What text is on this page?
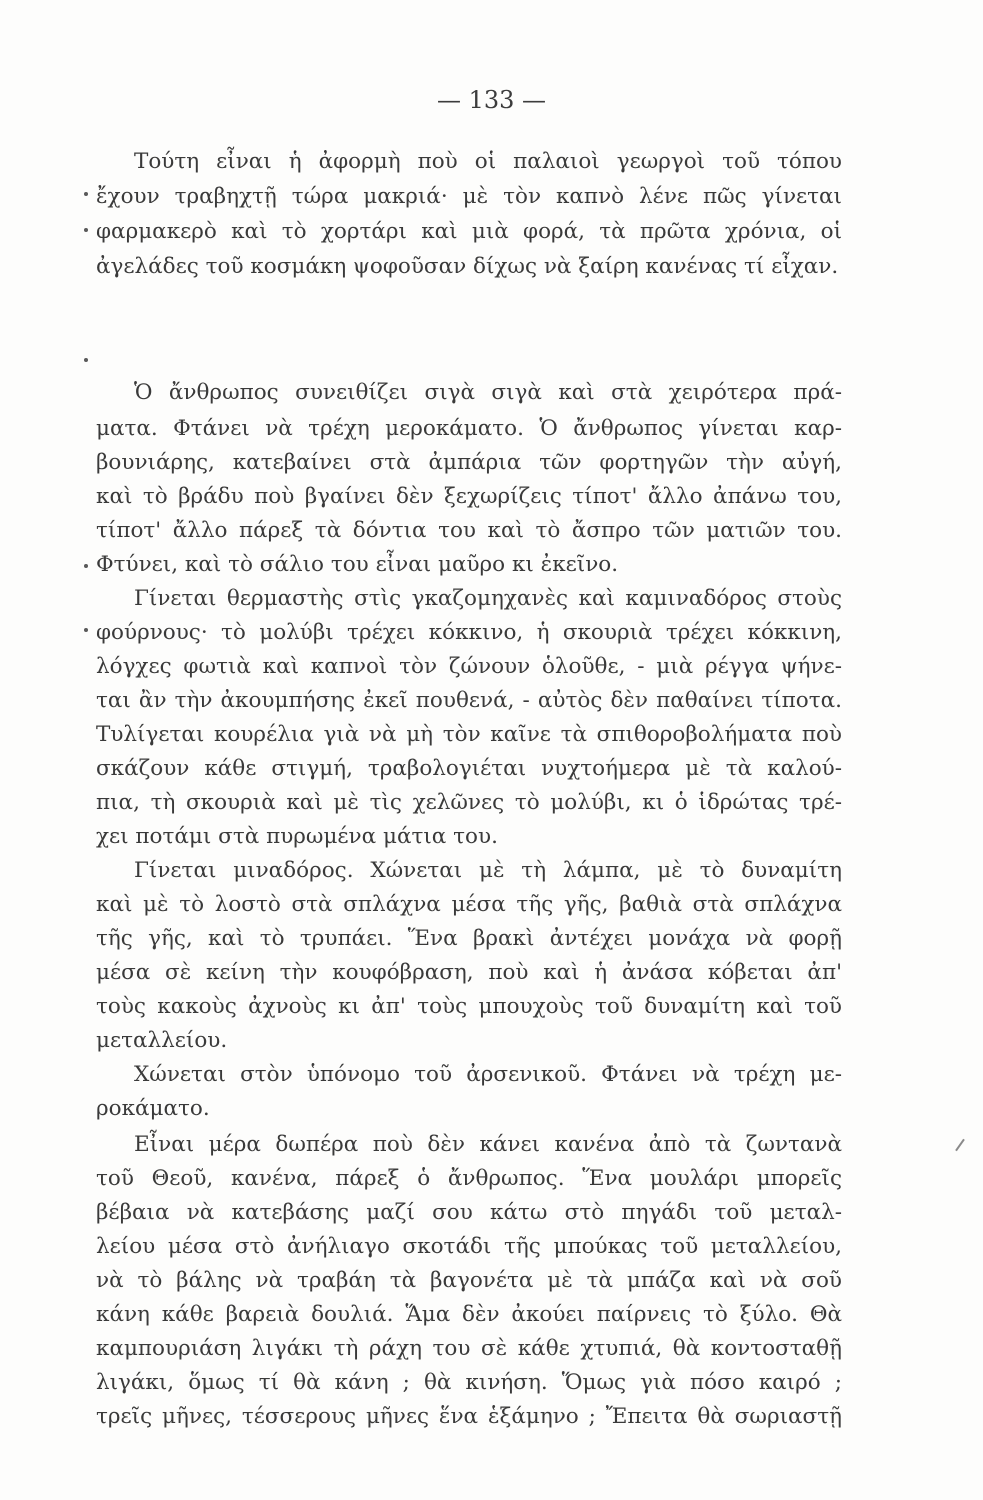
— 133 —
Τούτη εἶναι ἡ ἀφορμὴ ποὺ οἱ παλαιοὶ γεωργοὶ τοῦ τόπου
ἔχουν τραβηχτῇ τώρα μακριά· μὲ τὸν καπνὸ λένε πῶς γίνεται
φαρμακερὸ καὶ τὸ χορτάρι καὶ μιὰ φορά, τὰ πρῶτα χρόνια, οἱ
ἀγελάδες τοῦ κοσμάκη ψοφοῦσαν δίχως νὰ ξαίρη κανένας τί εἶχαν.
Ὁ ἄνθρωπος συνειθίζει σιγὰ σιγὰ καὶ στὰ χειρότερα πρά-
ματα. Φτάνει νὰ τρέχη μεροκάματο. Ὁ ἄνθρωπος γίνεται καρ-
βουνιάρης, κατεβαίνει στὰ ἀμπάρια τῶν φορτηγῶν τὴν αὐγή,
καὶ τὸ βράδυ ποὺ βγαίνει δὲν ξεχωρίζεις τίποτ' ἄλλο ἀπάνω του,
τίποτ' ἄλλο πάρεξ τὰ δόντια του καὶ τὸ ἄσπρο τῶν ματιῶν του.
Φτύνει, καὶ τὸ σάλιο του εἶναι μαῦρο κι ἐκεῖνο.
Γίνεται θερμαστὴς στὶς γκαζομηχανὲς καὶ καμιναδόρος στοὺς
φούρνους· τὸ μολύβι τρέχει κόκκινο, ἡ σκουριὰ τρέχει κόκκινη,
λόγχες φωτιὰ καὶ καπνοὶ τὸν ζώνουν ὁλοῦθε, - μιὰ ρέγγα ψήνε-
ται ἂν τὴν ἀκουμπήσης ἐκεῖ πουθενά, - αὐτὸς δὲν παθαίνει τίποτα.
Τυλίγεται κουρέλια γιὰ νὰ μὴ τὸν καῖνε τὰ σπιθοροβολήματα ποὺ
σκάζουν κάθε στιγμή, τραβολογιέται νυχτοήμερα μὲ τὰ καλού-
πια, τὴ σκουριὰ καὶ μὲ τὶς χελῶνες τὸ μολύβι, κι ὁ ἱδρώτας τρέ-
χει ποτάμι στὰ πυρωμένα μάτια του.
Γίνεται μιναδόρος. Χώνεται μὲ τὴ λάμπα, μὲ τὸ δυναμίτη
καὶ μὲ τὸ λοστὸ στὰ σπλάχνα μέσα τῆς γῆς, βαθιὰ στὰ σπλάχνα
τῆς γῆς, καὶ τὸ τρυπάει. Ἕνα βρακὶ ἀντέχει μονάχα νὰ φορῇ
μέσα σὲ κείνη τὴν κουφόβραση, ποὺ καὶ ἡ ἀνάσα κόβεται ἀπ'
τοὺς κακοὺς ἀχνοὺς κι ἀπ' τοὺς μπουχοὺς τοῦ δυναμίτη καὶ τοῦ
μεταλλείου.
Χώνεται στὸν ὑπόνομο τοῦ ἀρσενικοῦ. Φτάνει νὰ τρέχη με-
ροκάματο.
Εἶναι μέρα δωπέρα ποὺ δὲν κάνει κανένα ἀπὸ τὰ ζωντανὰ
τοῦ Θεοῦ, κανένα, πάρεξ ὁ ἄνθρωπος. Ἕνα μουλάρι μπορεῖς
βέβαια νὰ κατεβάσης μαζί σου κάτω στὸ πηγάδι τοῦ μεταλ-
λείου μέσα στὸ ἀνήλιαγο σκοτάδι τῆς μπούκας τοῦ μεταλλείου,
νὰ τὸ βάλης νὰ τραβάη τὰ βαγονέτα μὲ τὰ μπάζα καὶ νὰ σοῦ
κάνη κάθε βαρειὰ δουλιά. Ἅμα δὲν ἀκούει παίρνεις τὸ ξύλο. Θὰ
καμπουριάση λιγάκι τὴ ράχη του σὲ κάθε χτυπιά, θὰ κοντοσταθῇ
λιγάκι, ὅμως τί θὰ κάνη ; θὰ κινήση. Ὅμως γιὰ πόσο καιρό ;
τρεῖς μῆνες, τέσσερους μῆνες ἕνα ἑξάμηνο ; Ἔπειτα θὰ σωριαστῇ
